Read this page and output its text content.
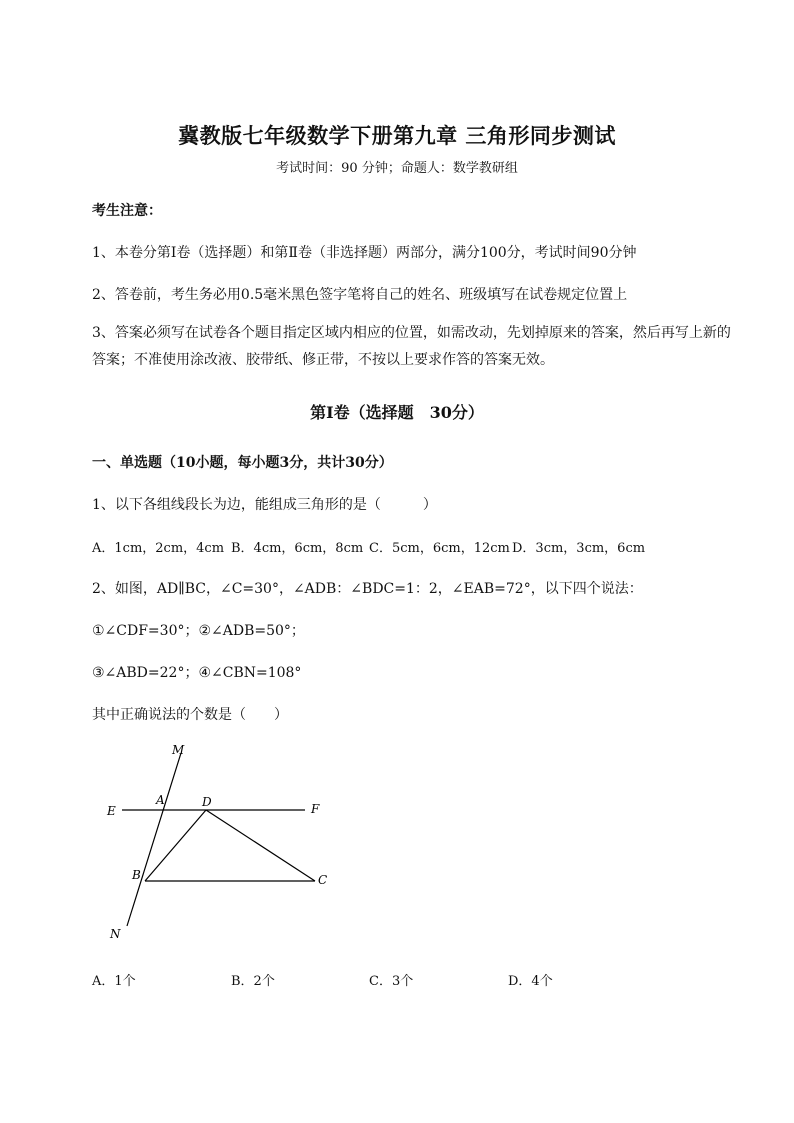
冀教版七年级数学下册第九章 三角形同步测试
考试时间：90 分钟；命题人：数学教研组
考生注意：
1、本卷分第Ⅰ卷（选择题）和第Ⅱ卷（非选择题）两部分，满分100分，考试时间90分钟
2、答卷前，考生务必用0.5毫米黑色签字笔将自己的姓名、班级填写在试卷规定位置上
3、答案必须写在试卷各个题目指定区域内相应的位置，如需改动，先划掉原来的答案，然后再写上新的答案；不准使用涂改液、胶带纸、修正带，不按以上要求作答的答案无效。
第Ⅰ卷（选择题　30分）
一、单选题（10小题，每小题3分，共计30分）
1、以下各组线段长为边，能组成三角形的是（　　　）
A．1cm，2cm，4cm B．4cm，6cm，8cm C．5cm，6cm，12cm D．3cm，3cm，6cm
2、如图，AD∥BC，∠C=30°，∠ADB：∠BDC=1：2，∠EAB=72°，以下四个说法：
①∠CDF=30°；②∠ADB=50°；
③∠ABD=22°；④∠CBN=108°
其中正确说法的个数是（　　）
M
A	D	F
E
B	C
N
A．1个	B．2个	C．3个	D．4个
